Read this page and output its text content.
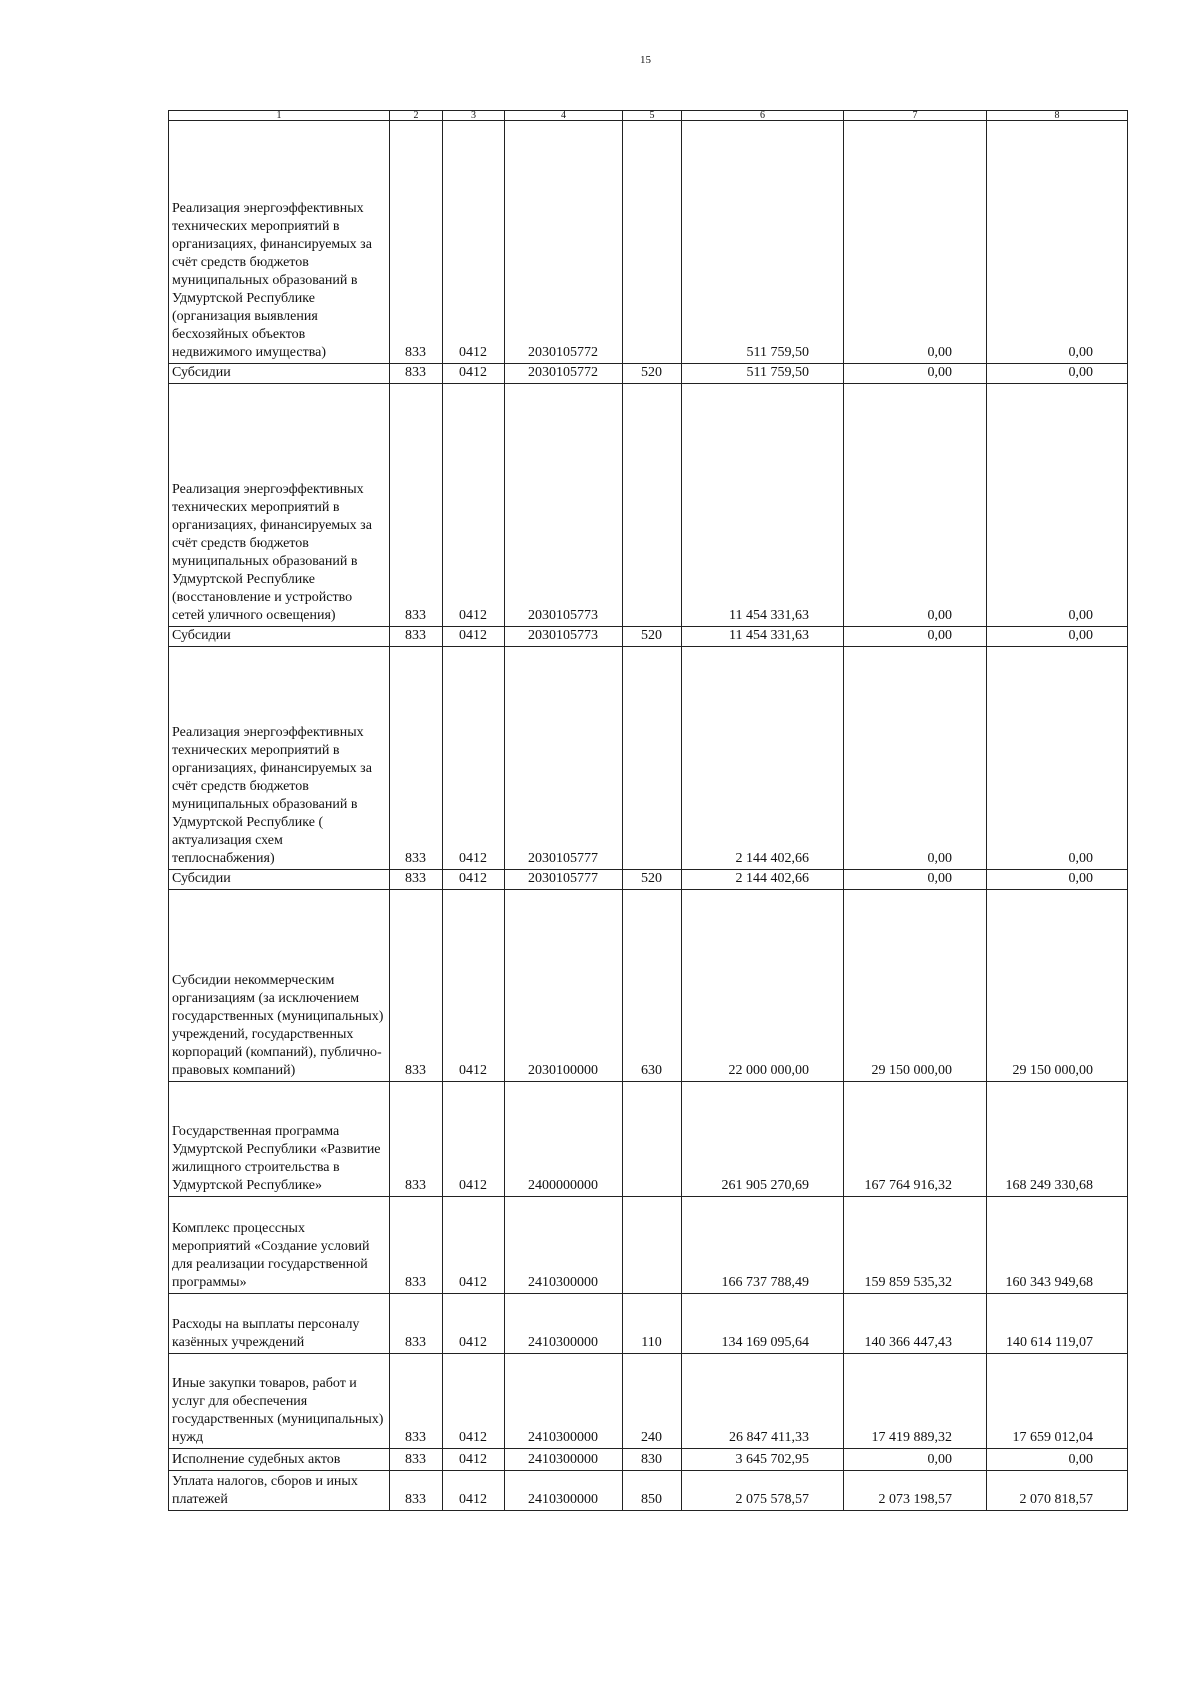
15
1	2	3	4	5	6	7	8
Реализация энергоэффективных технических мероприятий в организациях, финансируемых за счёт средств бюджетов муниципальных образований в Удмуртской Республике (организация выявления бесхозяйных объектов недвижимого имущества)	833	0412	2030105772		511 759,50	0,00	0,00
Субсидии	833	0412	2030105772	520	511 759,50	0,00	0,00
Реализация энергоэффективных технических мероприятий в организациях, финансируемых за счёт средств бюджетов муниципальных образований в Удмуртской Республике (восстановление и устройство сетей уличного освещения)	833	0412	2030105773		11 454 331,63	0,00	0,00
Субсидии	833	0412	2030105773	520	11 454 331,63	0,00	0,00
Реализация энергоэффективных технических мероприятий в организациях, финансируемых за счёт средств бюджетов муниципальных образований в Удмуртской Республике ( актуализация схем теплоснабжения)	833	0412	2030105777		2 144 402,66	0,00	0,00
Субсидии	833	0412	2030105777	520	2 144 402,66	0,00	0,00
Субсидии некоммерческим организациям (за исключением государственных (муниципальных) учреждений, государственных корпораций (компаний), публично-правовых компаний)	833	0412	2030100000	630	22 000 000,00	29 150 000,00	29 150 000,00
Государственная программа Удмуртской Республики «Развитие жилищного строительства в Удмуртской Республике»	833	0412	2400000000		261 905 270,69	167 764 916,32	168 249 330,68
Комплекс процессных мероприятий «Создание условий для реализации государственной программы»	833	0412	2410300000		166 737 788,49	159 859 535,32	160 343 949,68
Расходы на выплаты персоналу казённых учреждений	833	0412	2410300000	110	134 169 095,64	140 366 447,43	140 614 119,07
Иные закупки товаров, работ и услуг для обеспечения государственных (муниципальных) нужд	833	0412	2410300000	240	26 847 411,33	17 419 889,32	17 659 012,04
Исполнение судебных актов	833	0412	2410300000	830	3 645 702,95	0,00	0,00
Уплата налогов, сборов и иных платежей	833	0412	2410300000	850	2 075 578,57	2 073 198,57	2 070 818,57
